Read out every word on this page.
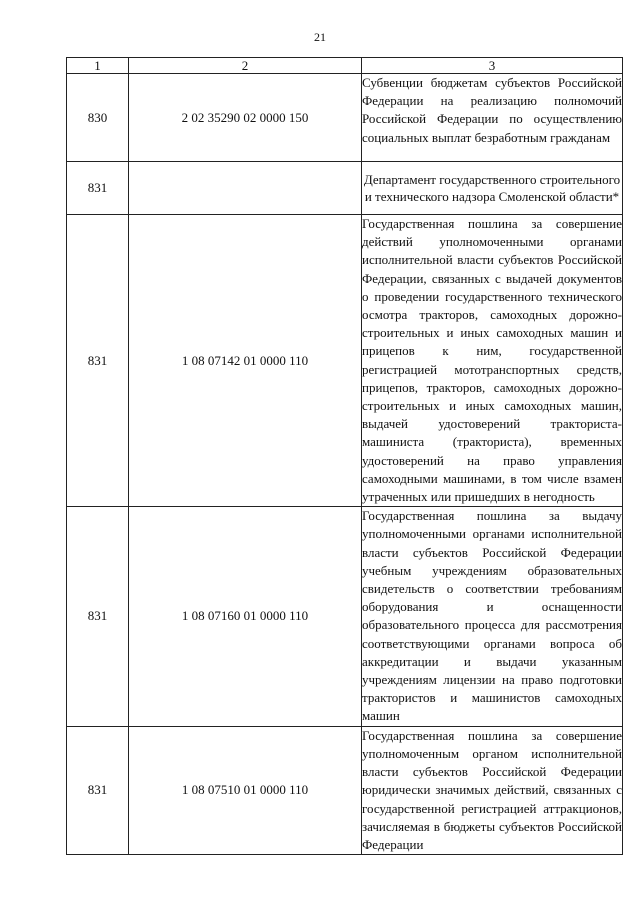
21
1	2	3
830	2 02 35290 02 0000 150	Субвенции бюджетам субъектов Российской Федерации на реализацию полномочий Российской Федерации по осуществлению социальных выплат безработным гражданам
831		Департамент государственного строительного и технического надзора Смоленской области*
831	1 08 07142 01 0000 110	Государственная пошлина за совершение действий уполномоченными органами исполнительной власти субъектов Российской Федерации, связанных с выдачей документов о проведении государственного технического осмотра тракторов, самоходных дорожно-строительных и иных самоходных машин и прицепов к ним, государственной регистрацией мототранспортных средств, прицепов, тракторов, самоходных дорожно-строительных и иных самоходных машин, выдачей удостоверений тракториста-машиниста (тракториста), временных удостоверений на право управления самоходными машинами, в том числе взамен утраченных или пришедших в негодность
831	1 08 07160 01 0000 110	Государственная пошлина за выдачу уполномоченными органами исполнительной власти субъектов Российской Федерации учебным учреждениям образовательных свидетельств о соответствии требованиям оборудования и оснащенности образовательного процесса для рассмотрения соответствующими органами вопроса об аккредитации и выдачи указанным учреждениям лицензии на право подготовки трактористов и машинистов самоходных машин
831	1 08 07510 01 0000 110	Государственная пошлина за совершение уполномоченным органом исполнительной власти субъектов Российской Федерации юридически значимых действий, связанных с государственной регистрацией аттракционов, зачисляемая в бюджеты субъектов Российской Федерации
